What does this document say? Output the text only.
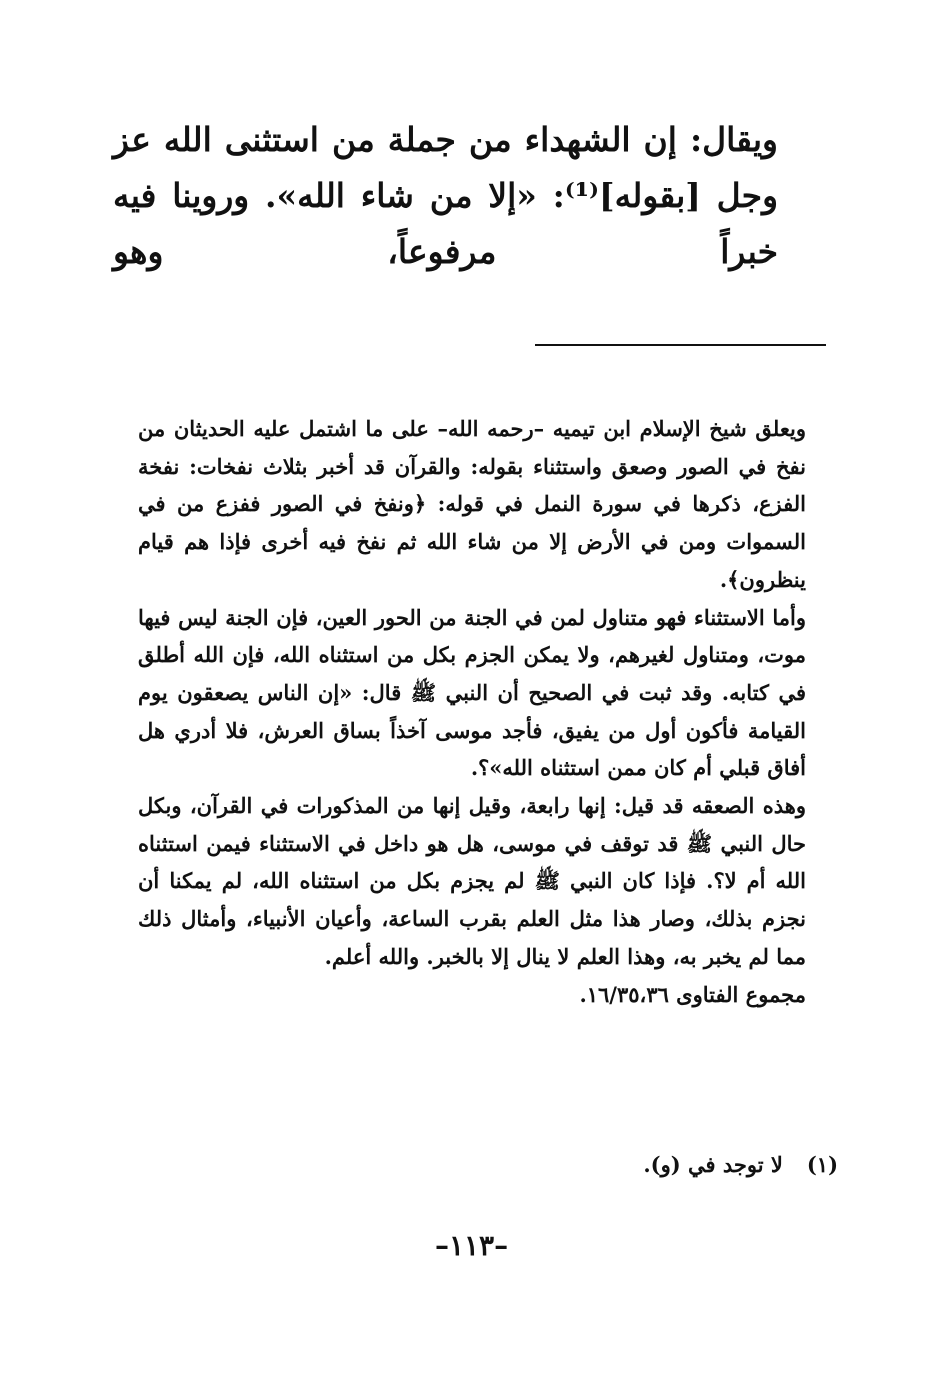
ويقال: إن الشهداء من جملة من استثنى الله عز وجل [بقوله]⁽¹⁾: «إلا من شاء الله». وروينا فيه خبراً مرفوعاً، وهو

ويعلق شيخ الإسلام ابن تيميه –رحمه الله– على ما اشتمل عليه الحديثان من نفخ في الصور وصعق واستثناء بقوله: والقرآن قد أخبر بثلاث نفخات: نفخة الفزع، ذكرها في سورة النمل في قوله: ﴿ونفخ في الصور ففزع من في السموات ومن في الأرض إلا من شاء الله ثم نفخ فيه أخرى فإذا هم قيام ينظرون﴾.

وأما الاستثناء فهو متناول لمن في الجنة من الحور العين، فإن الجنة ليس فيها موت، ومتناول لغيرهم، ولا يمكن الجزم بكل من استثناه الله، فإن الله أطلق في كتابه. وقد ثبت في الصحيح أن النبي ﷺ قال: «إن الناس يصعقون يوم القيامة فأكون أول من يفيق، فأجد موسى آخذاً بساق العرش، فلا أدري هل أفاق قبلي أم كان ممن استثناه الله»؟.

وهذه الصعقه قد قيل: إنها رابعة، وقيل إنها من المذكورات في القرآن، وبكل حال النبي ﷺ قد توقف في موسى، هل هو داخل في الاستثناء فيمن استثناه الله أم لا؟. فإذا كان النبي ﷺ لم يجزم بكل من استثناه الله، لم يمكنا أن نجزم بذلك، وصار هذا مثل العلم بقرب الساعة، وأعيان الأنبياء، وأمثال ذلك مما لم يخبر به، وهذا العلم لا ينال إلا بالخبر. والله أعلم.

مجموع الفتاوى ١٦/٣٥،٣٦.

(١)لا توجد في (و).
–١١٣–
